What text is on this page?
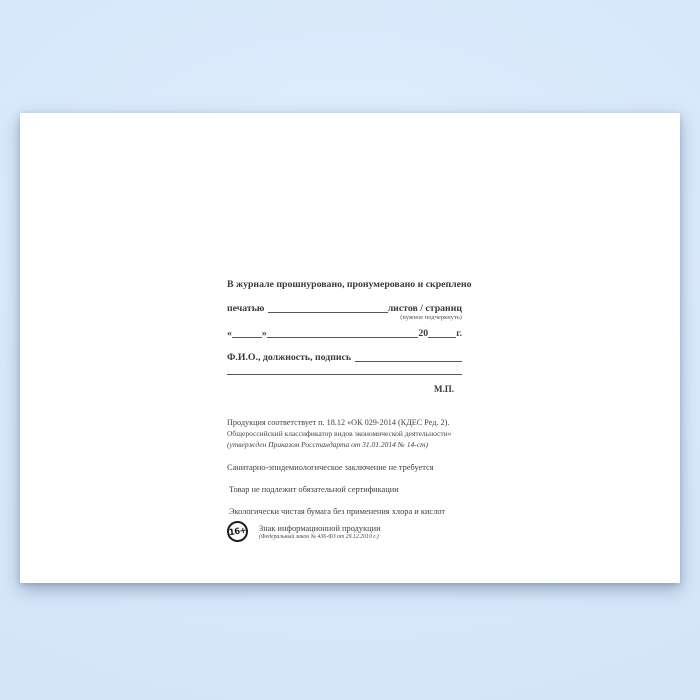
В журнале прошнуровано, пронумеровано и скреплено
печатью	листов / страниц
(нужное подчеркнуть)
«	»	20	г.
Ф.И.О., должность, подпись
М.П.
Продукция соответствует п. 18.12 «ОК 029-2014 (КДЕС Ред. 2).
Общероссийский классификатор видов экономической деятельности»
(утвержден Приказом Росстандарта от 31.01.2014 № 14-ст)
Санитарно-эпидемиологическое заключение не требуется
Товар не подлежит обязательной сертификации
Экологически чистая бумага без применения хлора и кислот
16+ Знак информационной продукции
(Федеральный закон № 436-ФЗ от 29.12.2010 г.)
